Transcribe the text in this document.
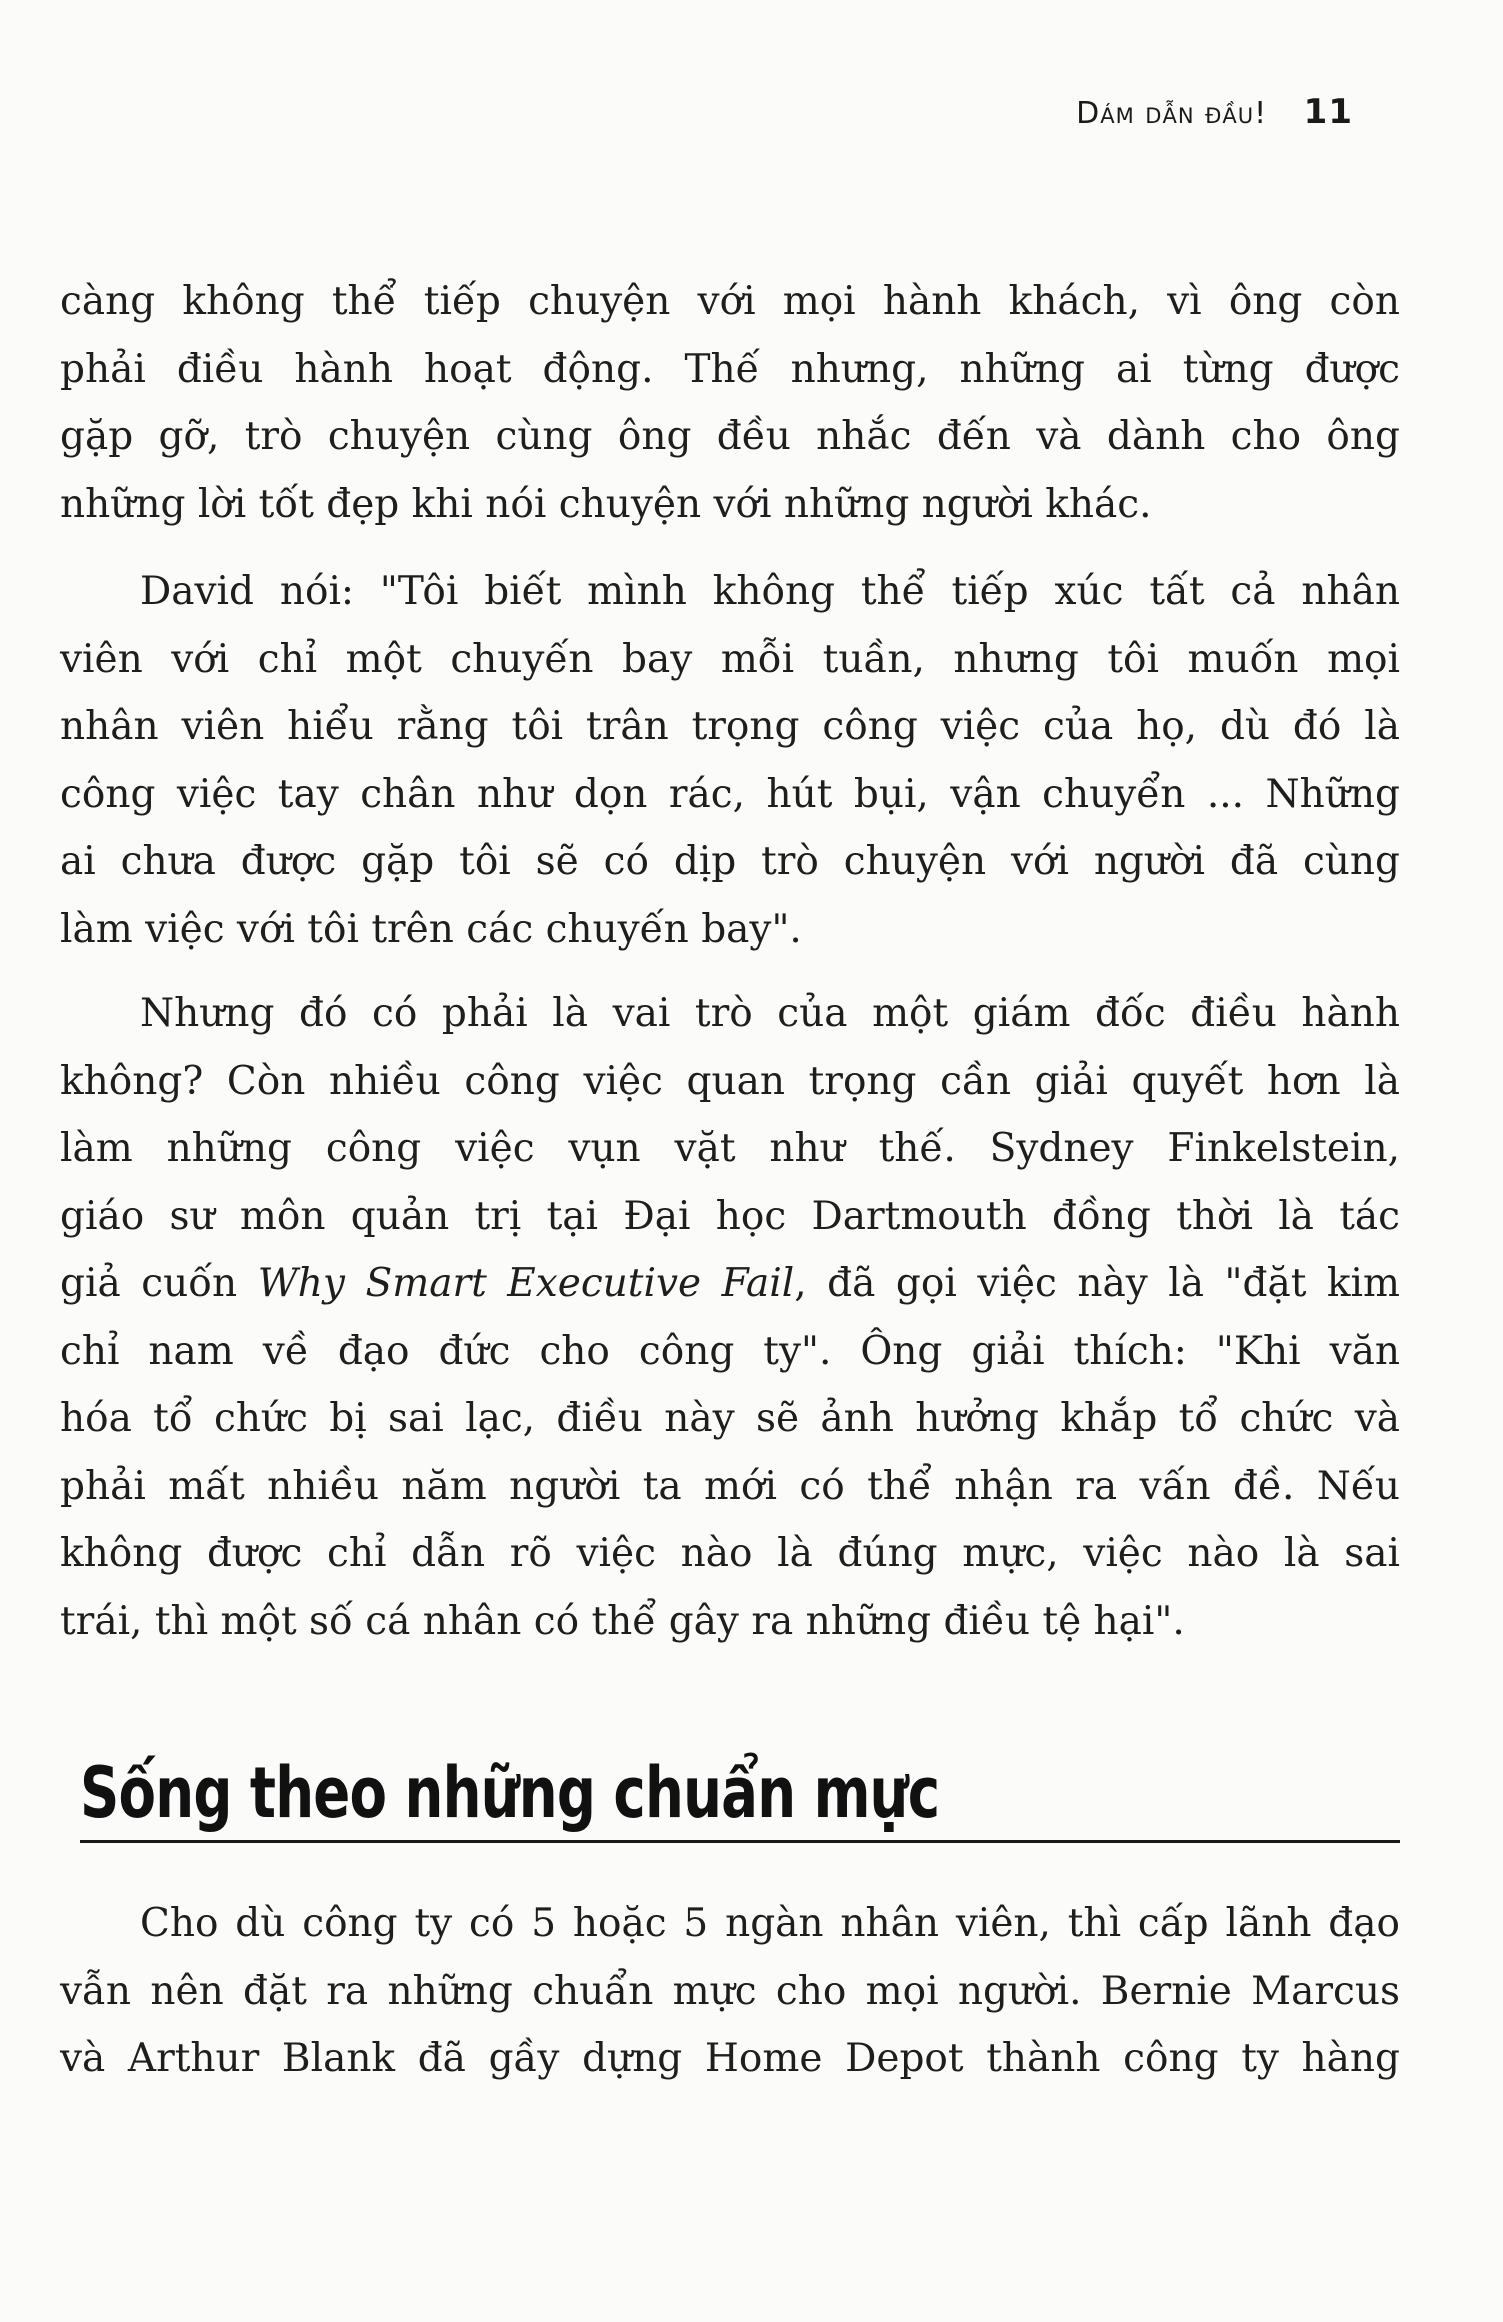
Dám dẫn đầu! 11
càng không thể tiếp chuyện với mọi hành khách, vì ông còn
phải điều hành hoạt động. Thế nhưng, những ai từng được
gặp gỡ, trò chuyện cùng ông đều nhắc đến và dành cho ông
những lời tốt đẹp khi nói chuyện với những người khác.
David nói: "Tôi biết mình không thể tiếp xúc tất cả nhân
viên với chỉ một chuyến bay mỗi tuần, nhưng tôi muốn mọi
nhân viên hiểu rằng tôi trân trọng công việc của họ, dù đó là
công việc tay chân như dọn rác, hút bụi, vận chuyển ... Những
ai chưa được gặp tôi sẽ có dịp trò chuyện với người đã cùng
làm việc với tôi trên các chuyến bay".
Nhưng đó có phải là vai trò của một giám đốc điều hành
không? Còn nhiều công việc quan trọng cần giải quyết hơn là
làm những công việc vụn vặt như thế. Sydney Finkelstein,
giáo sư môn quản trị tại Đại học Dartmouth đồng thời là tác
giả cuốn Why Smart Executive Fail, đã gọi việc này là "đặt kim
chỉ nam về đạo đức cho công ty". Ông giải thích: "Khi văn
hóa tổ chức bị sai lạc, điều này sẽ ảnh hưởng khắp tổ chức và
phải mất nhiều năm người ta mới có thể nhận ra vấn đề. Nếu
không được chỉ dẫn rõ việc nào là đúng mực, việc nào là sai
trái, thì một số cá nhân có thể gây ra những điều tệ hại".
Sống theo những chuẩn mực
Cho dù công ty có 5 hoặc 5 ngàn nhân viên, thì cấp lãnh đạo
vẫn nên đặt ra những chuẩn mực cho mọi người. Bernie Marcus
và Arthur Blank đã gầy dựng Home Depot thành công ty hàng
